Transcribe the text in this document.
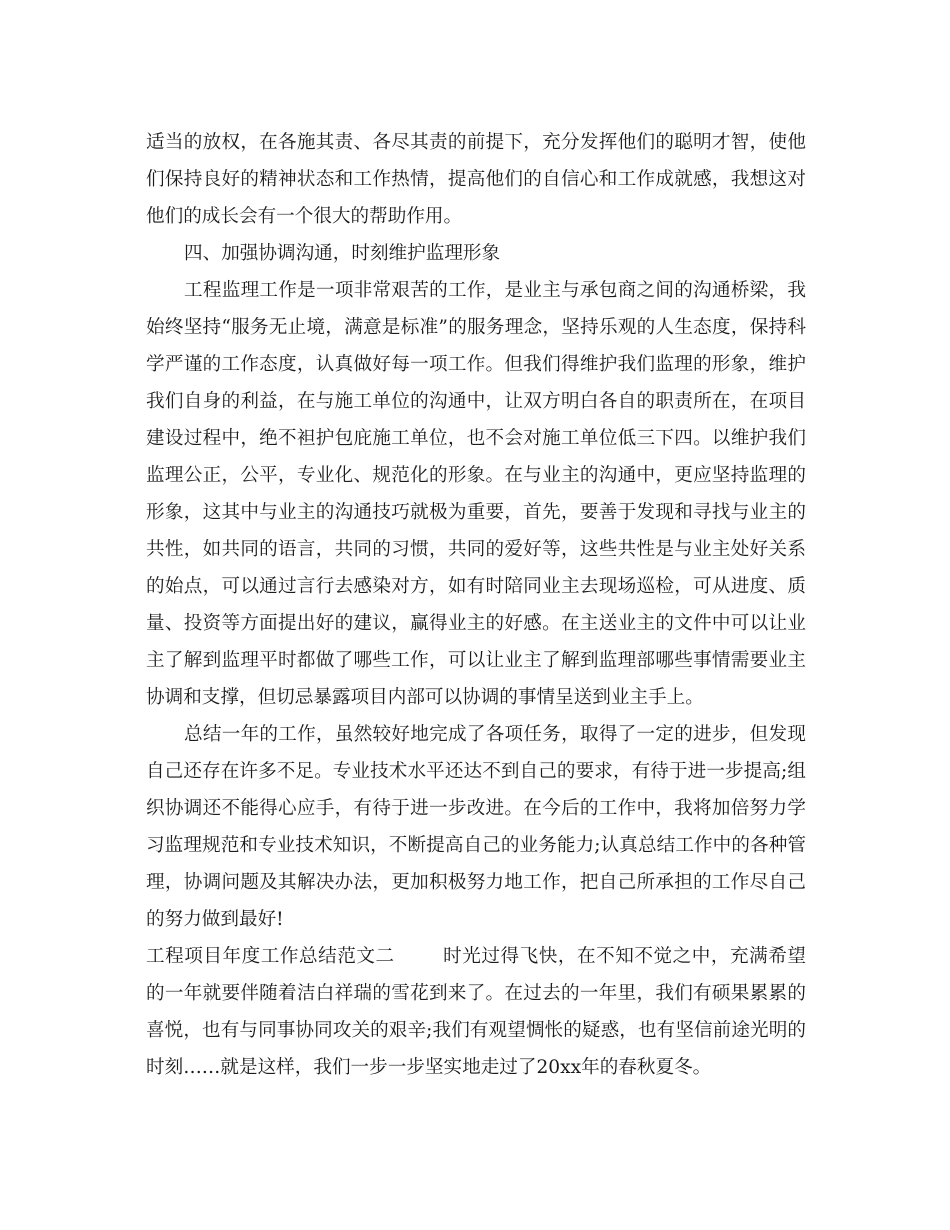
适当的放权，在各施其责、各尽其责的前提下，充分发挥他们的聪明才智，使他们保持良好的精神状态和工作热情，提高他们的自信心和工作成就感，我想这对他们的成长会有一个很大的帮助作用。

四、加强协调沟通，时刻维护监理形象

工程监理工作是一项非常艰苦的工作，是业主与承包商之间的沟通桥梁，我始终坚持“服务无止境，满意是标准”的服务理念，坚持乐观的人生态度，保持科学严谨的工作态度，认真做好每一项工作。但我们得维护我们监理的形象，维护我们自身的利益，在与施工单位的沟通中，让双方明白各自的职责所在，在项目建设过程中，绝不袒护包庇施工单位，也不会对施工单位低三下四。以维护我们监理公正，公平，专业化、规范化的形象。在与业主的沟通中，更应坚持监理的形象，这其中与业主的沟通技巧就极为重要，首先，要善于发现和寻找与业主的共性，如共同的语言，共同的习惯，共同的爱好等，这些共性是与业主处好关系的始点，可以通过言行去感染对方，如有时陪同业主去现场巡检，可从进度、质量、投资等方面提出好的建议，赢得业主的好感。在主送业主的文件中可以让业主了解到监理平时都做了哪些工作，可以让业主了解到监理部哪些事情需要业主协调和支撑，但切忌暴露项目内部可以协调的事情呈送到业主手上。

总结一年的工作，虽然较好地完成了各项任务，取得了一定的进步，但发现自己还存在许多不足。专业技术水平还达不到自己的要求，有待于进一步提高;组织协调还不能得心应手，有待于进一步改进。在今后的工作中，我将加倍努力学习监理规范和专业技术知识，不断提高自己的业务能力;认真总结工作中的各种管理，协调问题及其解决办法，更加积极努力地工作，把自己所承担的工作尽自己的努力做到最好!

工程项目年度工作总结范文二	时光过得飞快，在不知不觉之中，充满希望的一年就要伴随着洁白祥瑞的雪花到来了。在过去的一年里，我们有硕果累累的喜悦，也有与同事协同攻关的艰辛;我们有观望惆怅的疑惑，也有坚信前途光明的时刻……就是这样，我们一步一步坚实地走过了20xx年的春秋夏冬。
